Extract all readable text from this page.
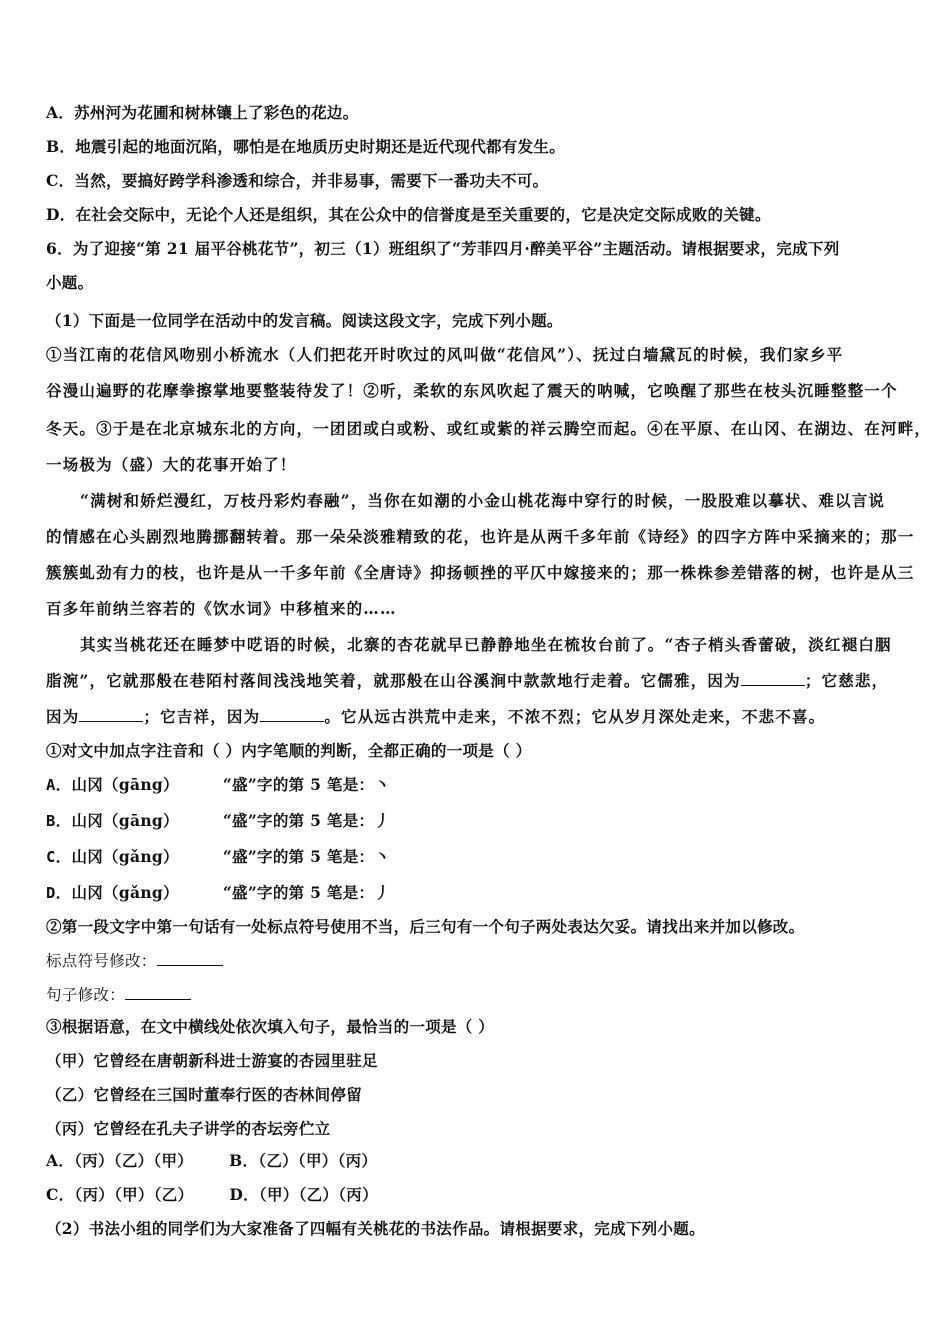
A．苏州河为花圃和树林镶上了彩色的花边。
B．地震引起的地面沉陷，哪怕是在地质历史时期还是近代现代都有发生。
C．当然，要搞好跨学科渗透和综合，并非易事，需要下一番功夫不可。
D．在社会交际中，无论个人还是组织，其在公众中的信誉度是至关重要的，它是决定交际成败的关键。
6．为了迎接“第 21 届平谷桃花节”，初三（1）班组织了“芳菲四月·醉美平谷”主题活动。请根据要求，完成下列
小题。
（1）下面是一位同学在活动中的发言稿。阅读这段文字，完成下列小题。
①当江南的花信风吻别小桥流水（人们把花开时吹过的风叫做“花信风”）、抚过白墙黛瓦的时候，我们家乡平
谷漫山遍野的花摩拳擦掌地要整装待发了！②听，柔软的东风吹起了震天的呐喊，它唤醒了那些在枝头沉睡整整一个
冬天。③于是在北京城东北的方向，一团团或白或粉、或红或紫的祥云腾空而起。④在平原、在山冈、在湖边、在河畔，
一场极为（盛）大的花事开始了！
“满树和娇烂漫红，万枝丹彩灼春融”，当你在如潮的小金山桃花海中穿行的时候，一股股难以摹状、难以言说
的情感在心头剧烈地腾挪翻转着。那一朵朵淡雅精致的花，也许是从两千多年前《诗经》的四字方阵中采摘来的；那一
簇簇虬劲有力的枝，也许是从一千多年前《全唐诗》抑扬顿挫的平仄中嫁接来的；那一株株参差错落的树，也许是从三
百多年前纳兰容若的《饮水词》中移植来的……
其实当桃花还在睡梦中呓语的时候，北寨的杏花就早已静静地坐在梳妆台前了。“杏子梢头香蕾破，淡红褪白胭
脂涴”，它就那般在巷陌村落间浅浅地笑着，就那般在山谷溪涧中款款地行走着。它儒雅，因为	；它慈悲，
因为	；它吉祥，因为	。它从远古洪荒中走来，不浓不烈；它从岁月深处走来，不悲不喜。
①对文中加点字注音和（ ）内字笔顺的判断，全都正确的一项是（ ）
A．山冈（gāng）	“盛”字的第 5 笔是：丶
B．山冈（gāng）	“盛”字的第 5 笔是：丿
C．山冈（gǎng）	“盛”字的第 5 笔是：丶
D．山冈（gǎng）	“盛”字的第 5 笔是：丿
②第一段文字中第一句话有一处标点符号使用不当，后三句有一个句子两处表达欠妥。请找出来并加以修改。
标点符号修改：
句子修改：
③根据语意，在文中横线处依次填入句子，最恰当的一项是（ ）
（甲）它曾经在唐朝新科进士游宴的杏园里驻足
（乙）它曾经在三国时董奉行医的杏林间停留
（丙）它曾经在孔夫子讲学的杏坛旁伫立
A．（丙）（乙）（甲） B．（乙）（甲）（丙）
C．（丙）（甲）（乙） D．（甲）（乙）（丙）
（2）书法小组的同学们为大家准备了四幅有关桃花的书法作品。请根据要求，完成下列小题。
